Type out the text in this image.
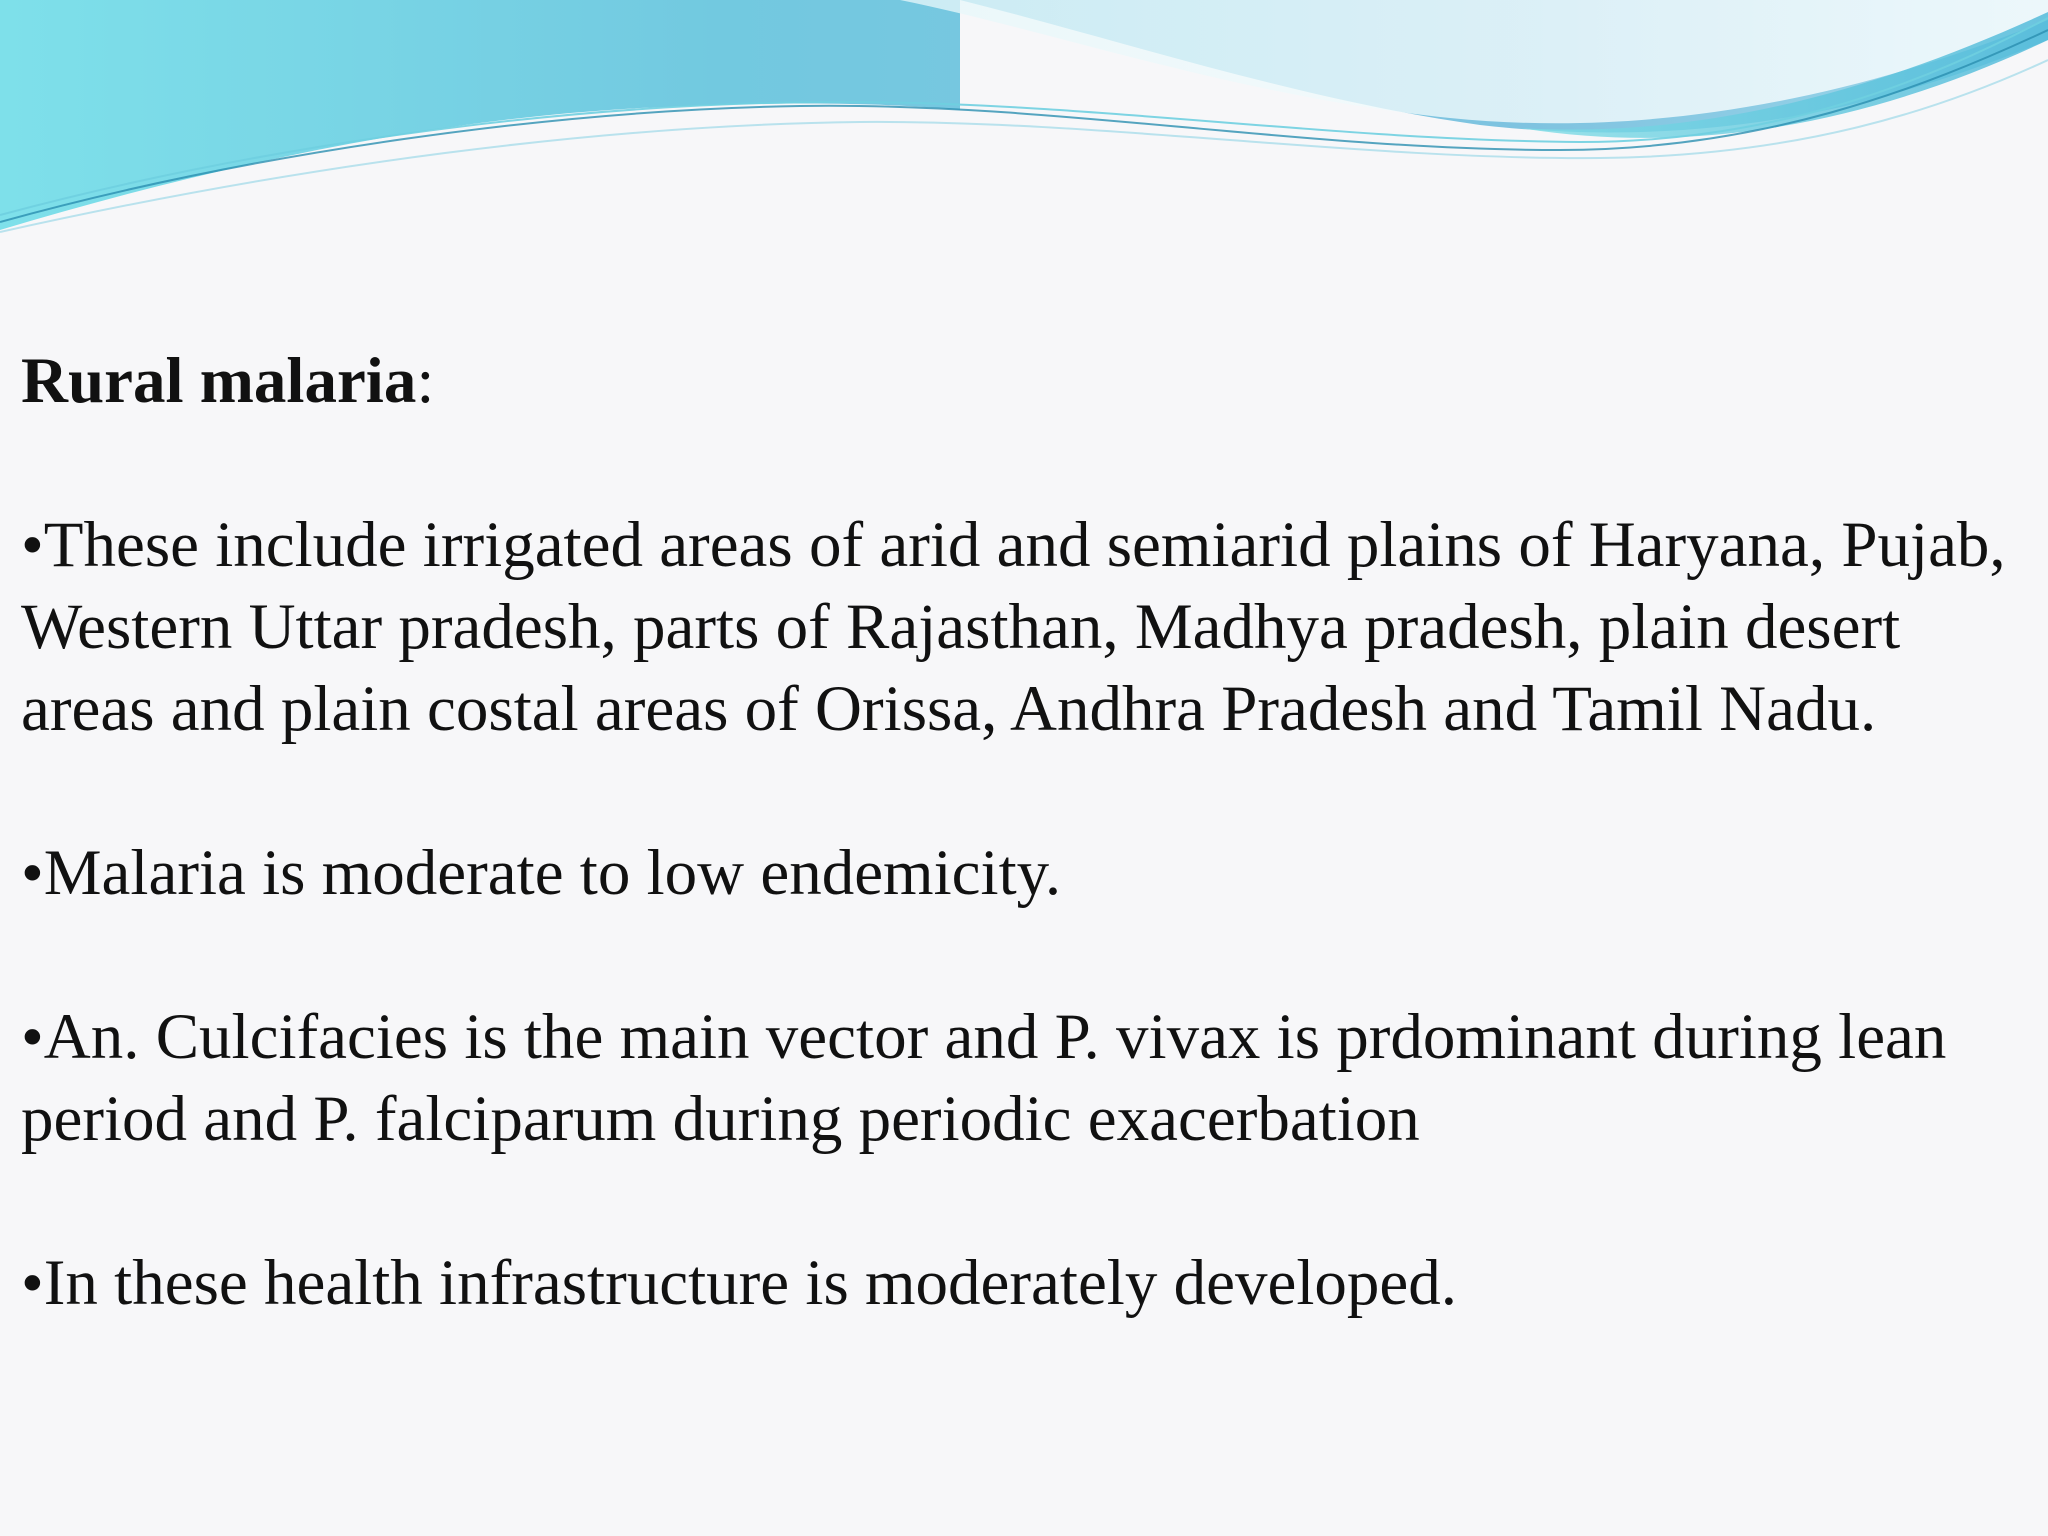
Rural malaria:

•These include irrigated areas of arid and semiarid plains of Haryana, Pujab, Western Uttar pradesh, parts of Rajasthan, Madhya pradesh, plain desert areas and plain costal areas of Orissa, Andhra Pradesh and Tamil Nadu.

•Malaria is moderate to low endemicity.

•An. Culcifacies is the main vector and P. vivax is prdominant during lean period and P. falciparum during periodic exacerbation

•In these health infrastructure is moderately developed.
